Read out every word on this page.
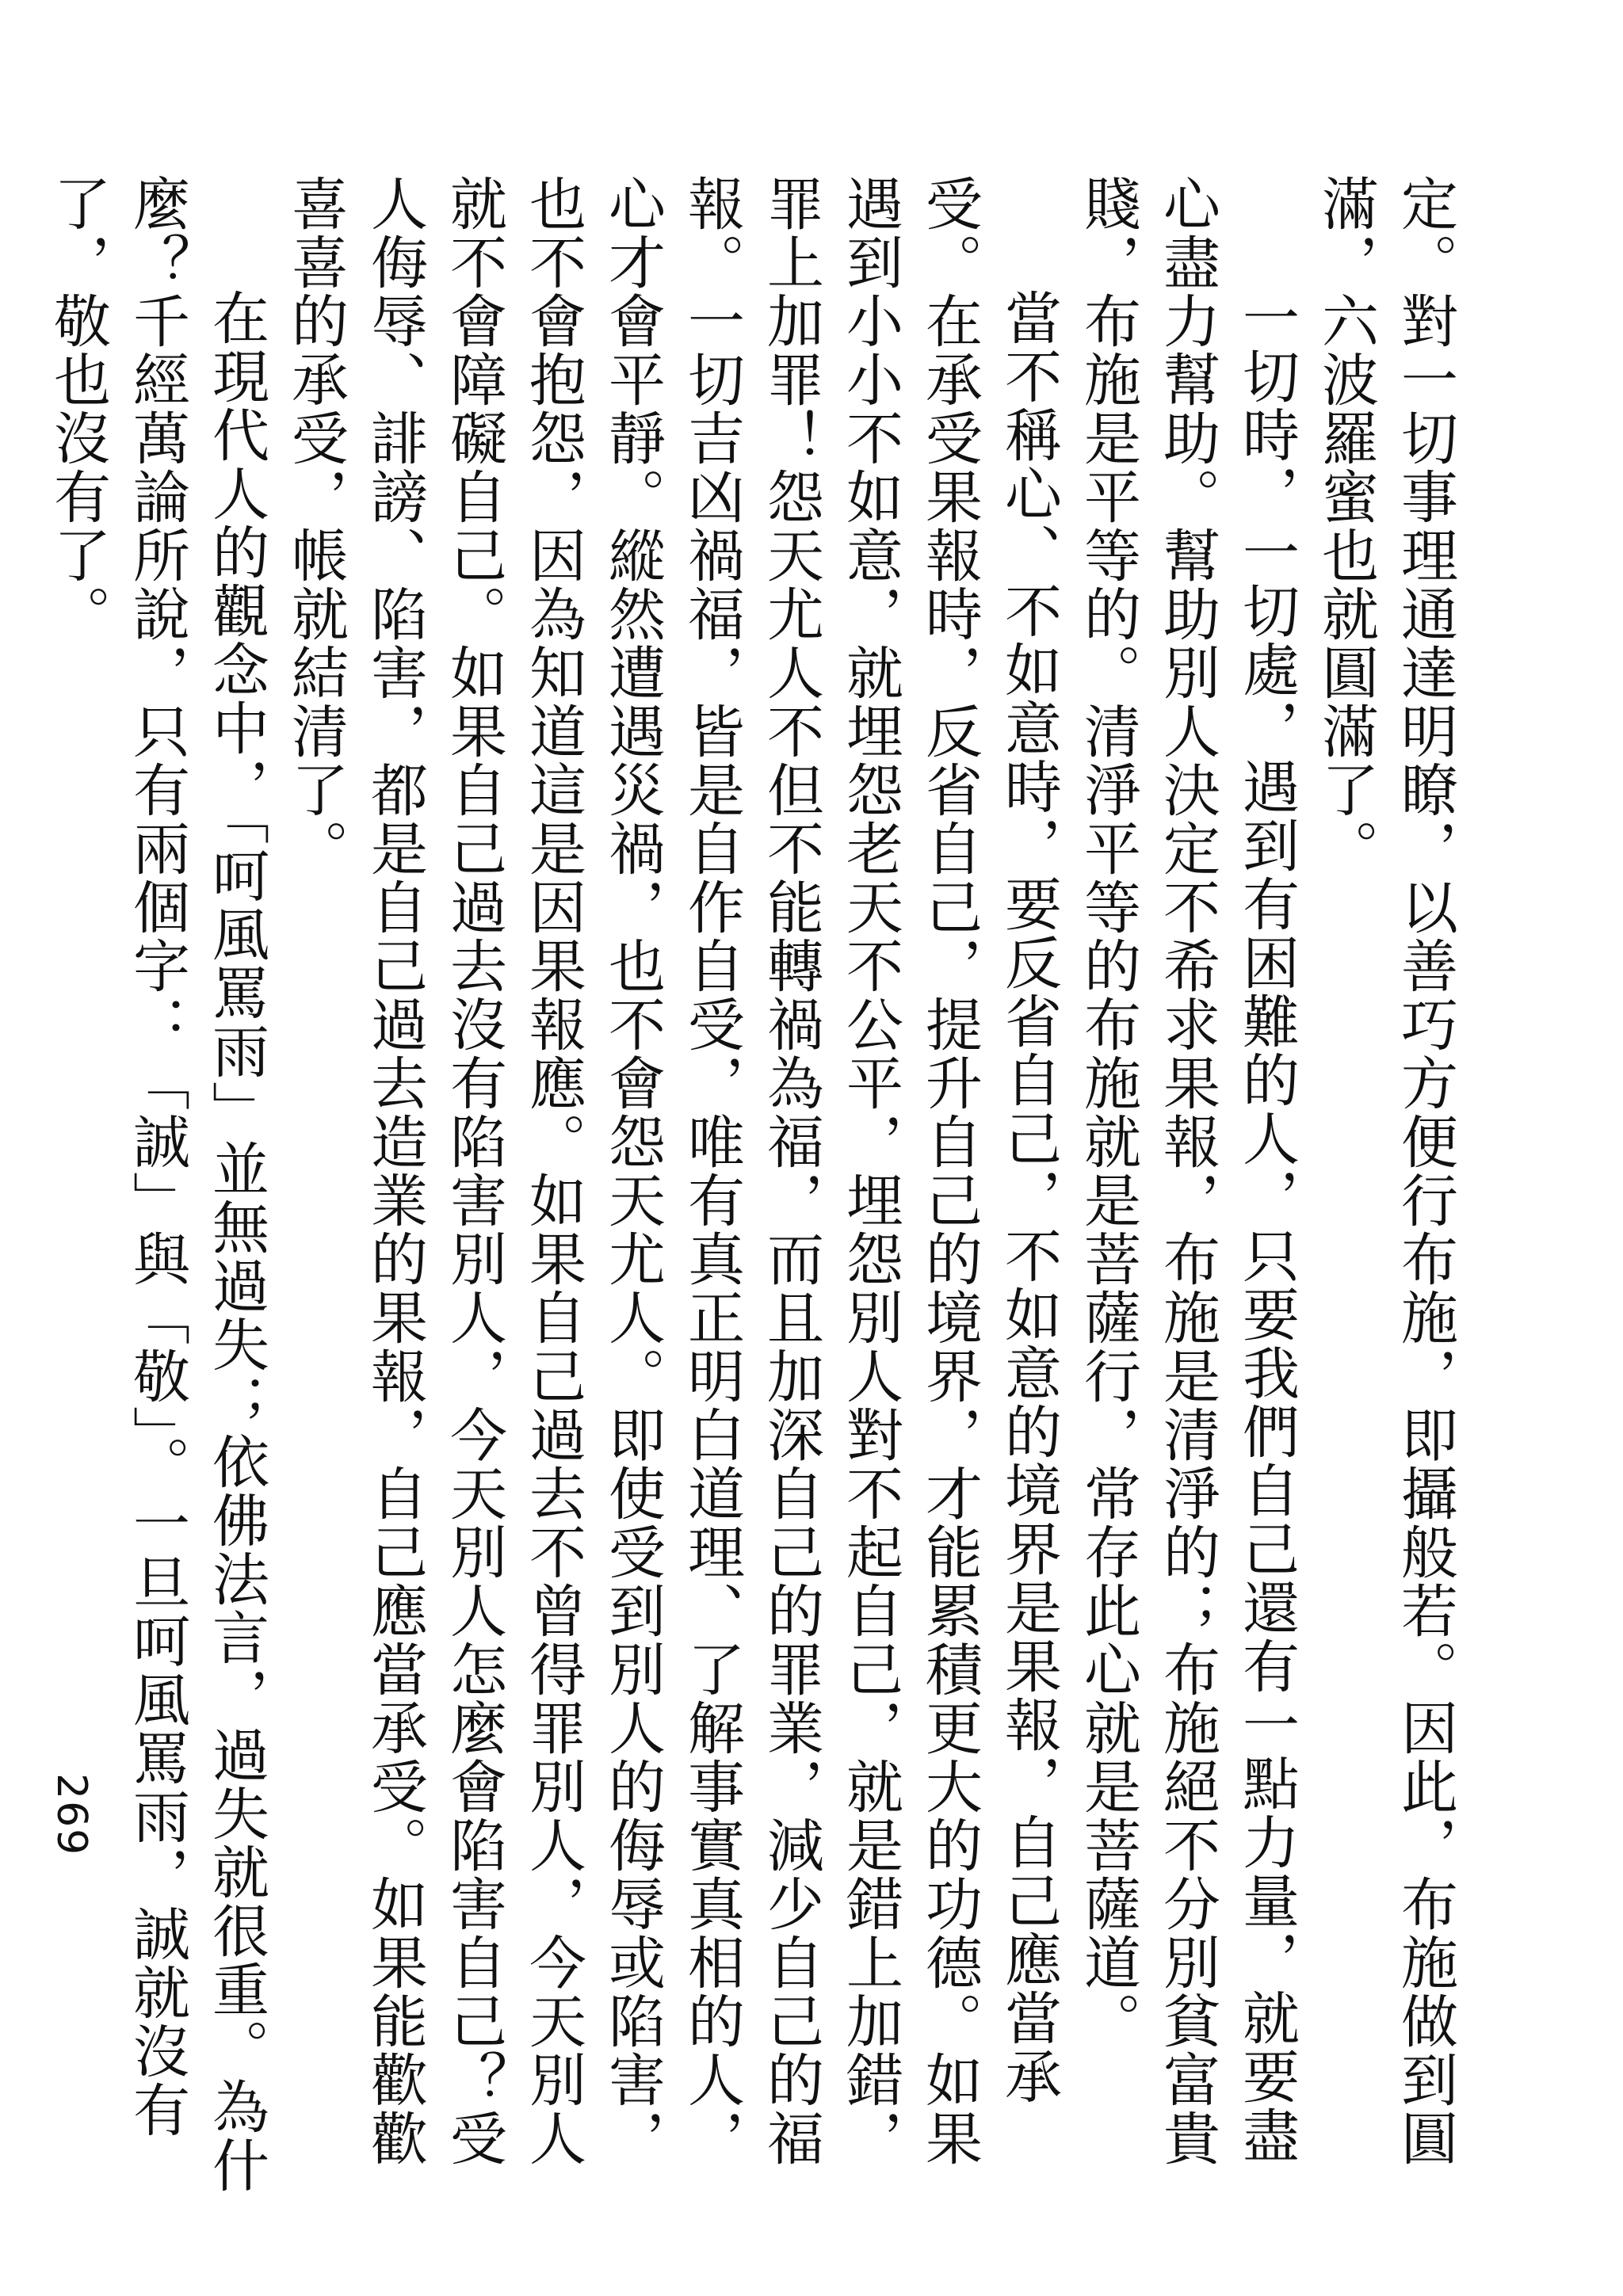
定。對一切事理通達明瞭，以善巧方便行布施，即攝般若。因此，布施做到圓滿，六波羅蜜也就圓滿了。

一切時，一切處，遇到有困難的人，只要我們自己還有一點力量，就要盡心盡力幫助。幫助別人決定不希求果報，布施是清淨的；布施絕不分別貧富貴賤，布施是平等的。清淨平等的布施就是菩薩行，常存此心就是菩薩道。

當不稱心、不如意時，要反省自己，不如意的境界是果報，自己應當承受。在承受果報時，反省自己，提升自己的境界，才能累積更大的功德。如果遇到小小不如意，就埋怨老天不公平，埋怨別人對不起自己，就是錯上加錯，罪上加罪！怨天尤人不但不能轉禍為福，而且加深自己的罪業，減少自己的福報。一切吉凶禍福，皆是自作自受，唯有真正明白道理、了解事實真相的人，心才會平靜。縱然遭遇災禍，也不會怨天尤人。即使受到別人的侮辱或陷害，也不會抱怨，因為知道這是因果報應。如果自己過去不曾得罪別人，今天別人就不會障礙自己。如果自己過去沒有陷害別人，今天別人怎麼會陷害自己？受人侮辱、誹謗、陷害，都是自己過去造業的果報，自己應當承受。如果能歡歡喜喜的承受，帳就結清了。

在現代人的觀念中，「呵風罵雨」並無過失；依佛法言，過失就很重。為什麼？千經萬論所說，只有兩個字：「誠」與「敬」。一旦呵風罵雨，誠就沒有了，敬也沒有了。

269
